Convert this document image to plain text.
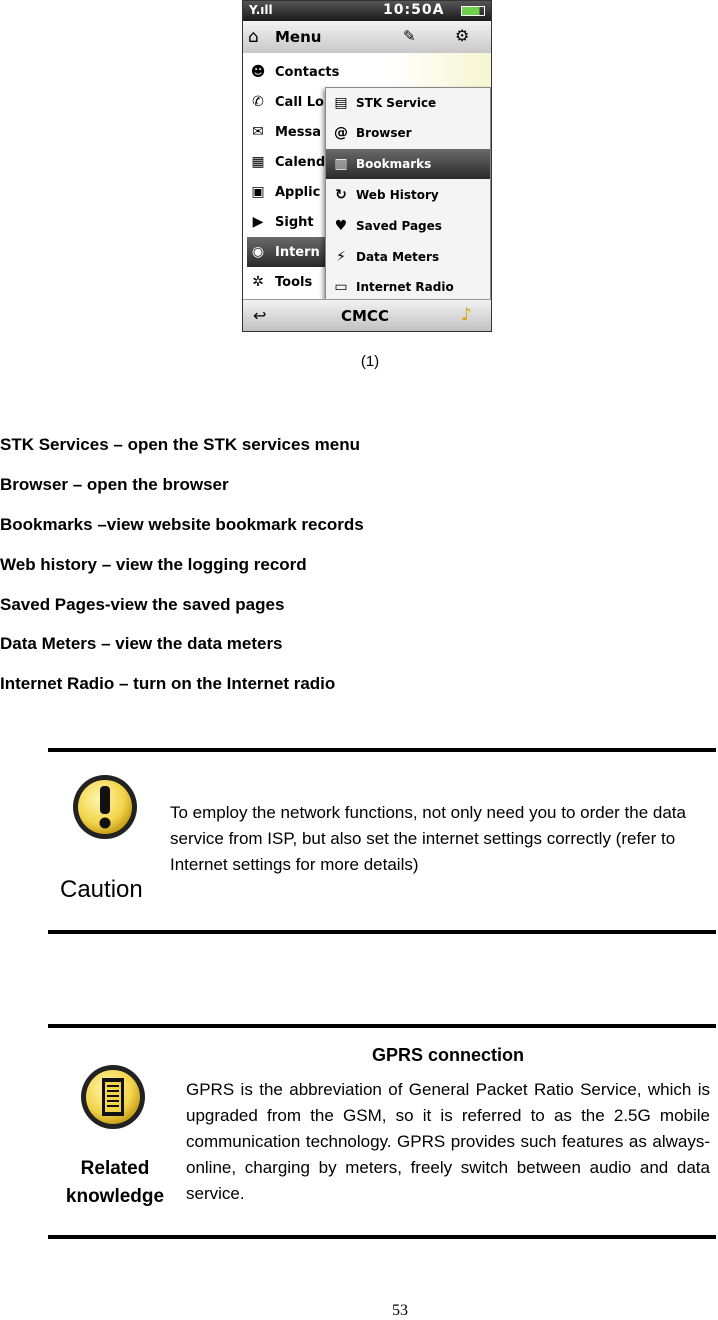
Y.ıll	10:50A
⌂ Menu	✎ ⚙
☻ Contacts
✆ Call Lo
✉ Messa
▦ Calend
▣ Applic
▶ Sight
◉ Intern
✲ Tools
▤ STK Service
@ Browser
▥ Bookmarks
↻ Web History
♥ Saved Pages
⚡ Data Meters
▭ Internet Radio
↩	CMCC	♪
(1)
STK Services – open the STK services menu
Browser – open the browser
Bookmarks –view website bookmark records
Web history – view the logging record
Saved Pages-view the saved pages
Data Meters – view the data meters
Internet Radio – turn on the Internet radio
Caution
To employ the network functions, not only need you to order the data service from ISP, but also set the internet settings correctly (refer to Internet settings for more details)
Related
knowledge
GPRS connection
GPRS is the abbreviation of General Packet Ratio Service, which is upgraded from the GSM, so it is referred to as the 2.5G mobile communication technology. GPRS provides such features as always-online, charging by meters, freely switch between audio and data service.
53
